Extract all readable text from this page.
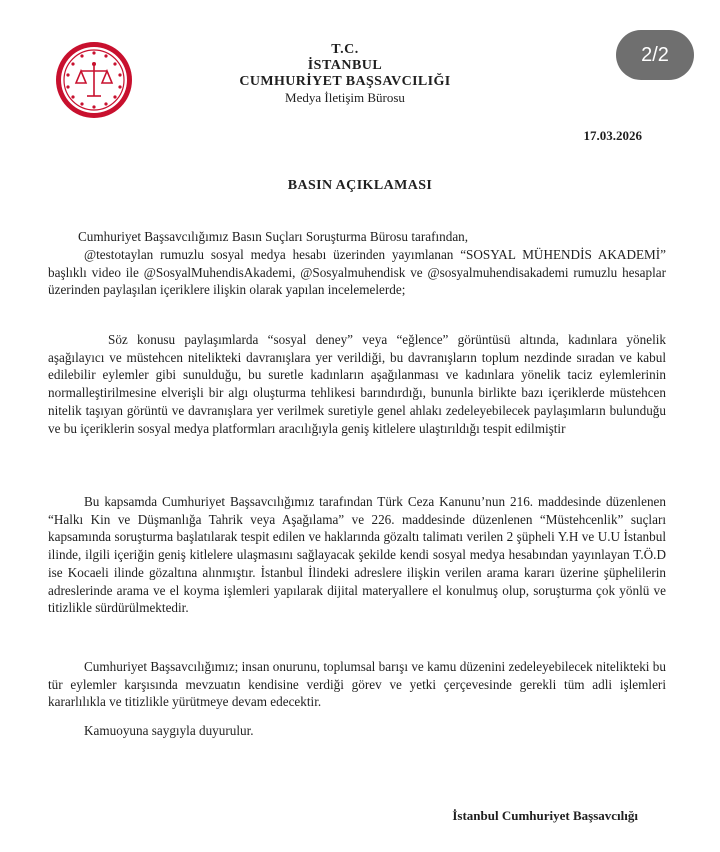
T.C.
İSTANBUL
CUMHURİYET BAŞSAVCILIĞI
Medya İletişim Bürosu
2/2
17.03.2026
BASIN AÇIKLAMASI
Cumhuriyet Başsavcılığımız Basın Suçları Soruşturma Bürosu tarafından,
@testotaylan rumuzlu sosyal medya hesabı üzerinden yayımlanan “SOSYAL MÜHENDİS AKADEMİ” başlıklı video ile @SosyalMuhendisAkademi, @Sosyalmuhendisk ve @sosyalmuhendisakademi rumuzlu hesaplar üzerinden paylaşılan içeriklere ilişkin olarak yapılan incelemelerde;
Söz konusu paylaşımlarda “sosyal deney” veya “eğlence” görüntüsü altında, kadınlara yönelik aşağılayıcı ve müstehcen nitelikteki davranışlara yer verildiği, bu davranışların toplum nezdinde sıradan ve kabul edilebilir eylemler gibi sunulduğu, bu suretle kadınların aşağılanması ve kadınlara yönelik taciz eylemlerinin normalleştirilmesine elverişli bir algı oluşturma tehlikesi barındırdığı, bununla birlikte bazı içeriklerde müstehcen nitelik taşıyan görüntü ve davranışlara yer verilmek suretiyle genel ahlakı zedeleyebilecek paylaşımların bulunduğu ve bu içeriklerin sosyal medya platformları aracılığıyla geniş kitlelere ulaştırıldığı tespit edilmiştir
Bu kapsamda Cumhuriyet Başsavcılığımız tarafından Türk Ceza Kanunu’nun 216. maddesinde düzenlenen “Halkı Kin ve Düşmanlığa Tahrik veya Aşağılama” ve 226. maddesinde düzenlenen “Müstehcenlik” suçları kapsamında soruşturma başlatılarak tespit edilen ve haklarında gözaltı talimatı verilen 2 şüpheli Y.H ve U.U İstanbul ilinde, ilgili içeriğin geniş kitlelere ulaşmasını sağlayacak şekilde kendi sosyal medya hesabından yayınlayan T.Ö.D ise Kocaeli ilinde gözaltına alınmıştır. İstanbul İlindeki adreslere ilişkin verilen arama kararı üzerine şüphelilerin adreslerinde arama ve el koyma işlemleri yapılarak dijital materyallere el konulmuş olup, soruşturma çok yönlü ve titizlikle sürdürülmektedir.
Cumhuriyet Başsavcılığımız; insan onurunu, toplumsal barışı ve kamu düzenini zedeleyebilecek nitelikteki bu tür eylemler karşısında mevzuatın kendisine verdiği görev ve yetki çerçevesinde gerekli tüm adli işlemleri kararlılıkla ve titizlikle yürütmeye devam edecektir.
Kamuoyuna saygıyla duyurulur.
İstanbul Cumhuriyet Başsavcılığı
